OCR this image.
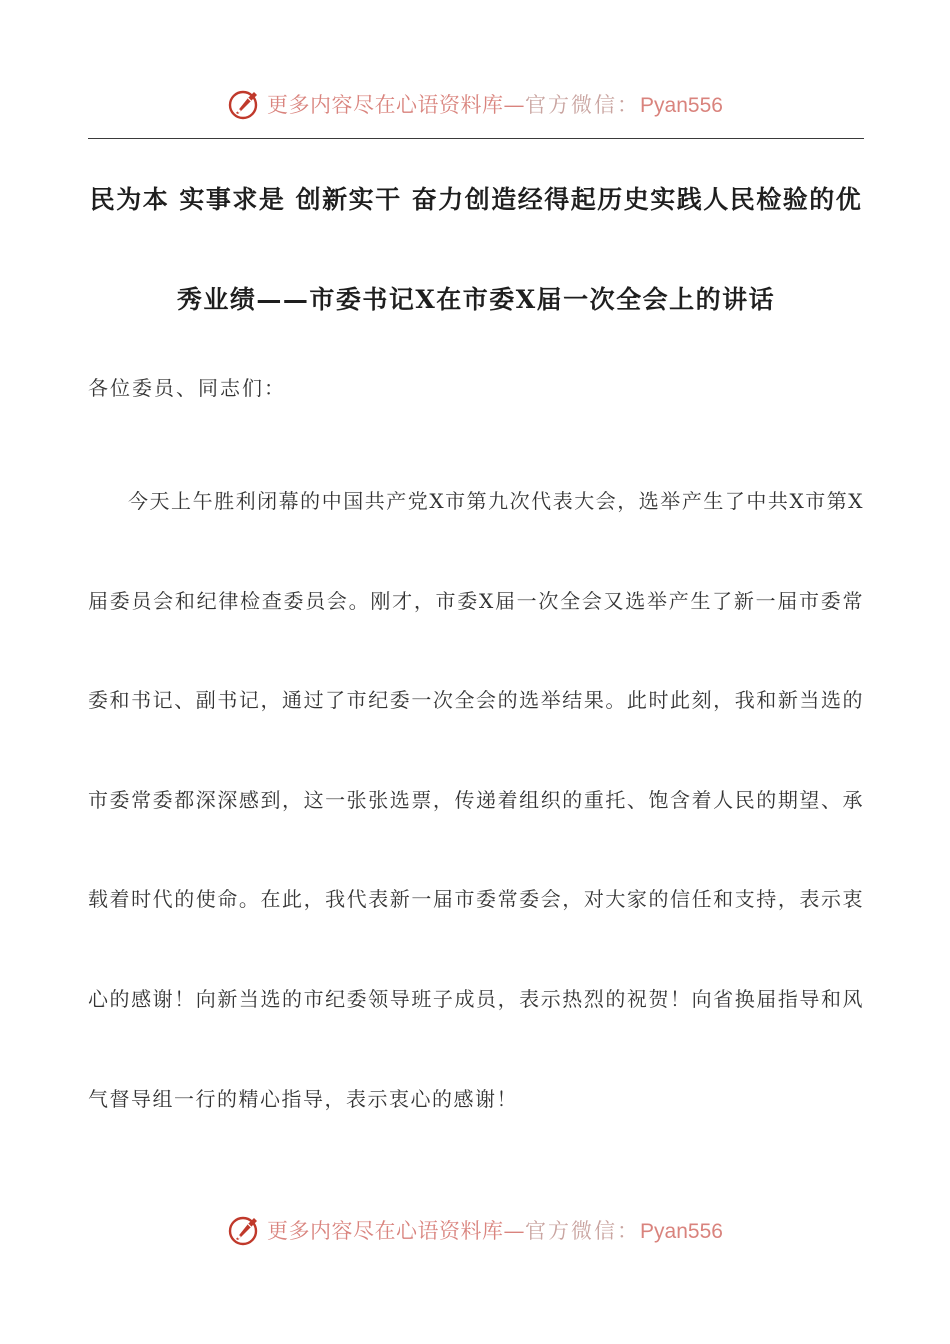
更多内容尽在心语资料库—官方微信：Pyan556
民为本 实事求是 创新实干 奋力创造经得起历史实践人民检验的优
秀业绩——市委书记X在市委X届一次全会上的讲话
各位委员、同志们：

今天上午胜利闭幕的中国共产党X市第九次代表大会，选举产生了中共X市第X届委员会和纪律检查委员会。刚才，市委X届一次全会又选举产生了新一届市委常委和书记、副书记，通过了市纪委一次全会的选举结果。此时此刻，我和新当选的市委常委都深深感到，这一张张选票，传递着组织的重托、饱含着人民的期望、承载着时代的使命。在此，我代表新一届市委常委会，对大家的信任和支持，表示衷心的感谢！向新当选的市纪委领导班子成员，表示热烈的祝贺！向省换届指导和风气督导组一行的精心指导，表示衷心的感谢！

更多内容尽在心语资料库—官方微信：Pyan556
